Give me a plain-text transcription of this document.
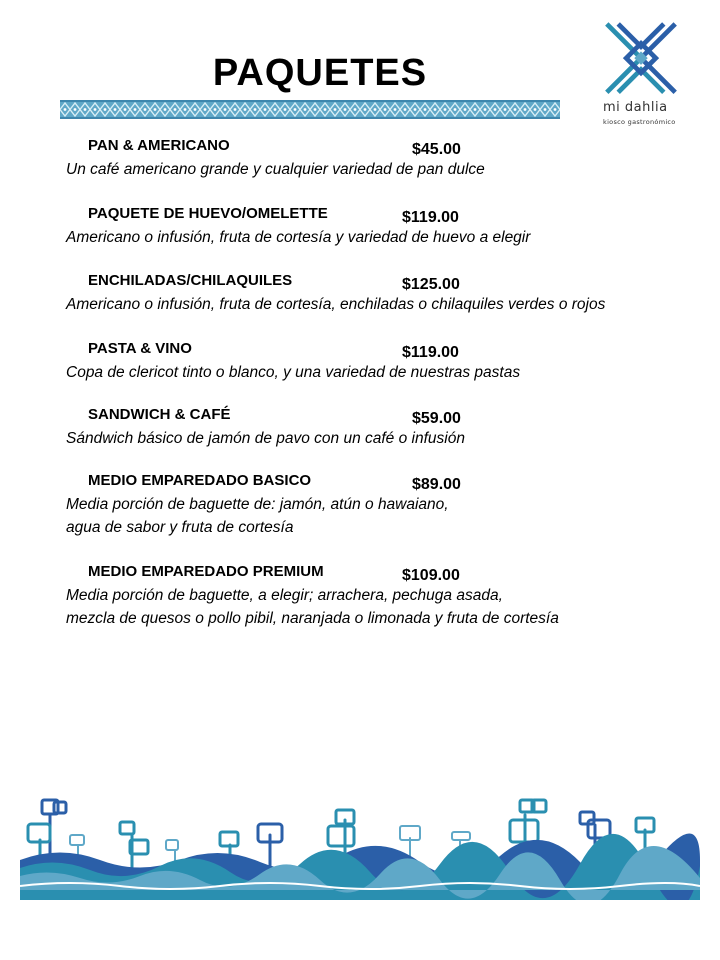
PAQUETES
mi dahlia
kiosco gastronómico
PAN & AMERICANO	$45.00
Un café americano grande y cualquier variedad de pan dulce
PAQUETE DE HUEVO/OMELETTE	$119.00
Americano o infusión, fruta de cortesía y variedad de huevo a elegir
ENCHILADAS/CHILAQUILES	$125.00
Americano o infusión, fruta de cortesía, enchiladas o chilaquiles verdes o rojos
PASTA & VINO	$119.00
Copa de clericot tinto o blanco, y una variedad de nuestras pastas
SANDWICH & CAFÉ	$59.00
Sándwich básico de jamón de pavo con un café o infusión
MEDIO EMPAREDADO BASICO	$89.00
Media porción de baguette de: jamón, atún o hawaiano,
agua de sabor y fruta de cortesía
MEDIO EMPAREDADO PREMIUM	$109.00
Media porción de baguette, a elegir; arrachera, pechuga asada,
mezcla de quesos o pollo pibil, naranjada o limonada y fruta de cortesía
